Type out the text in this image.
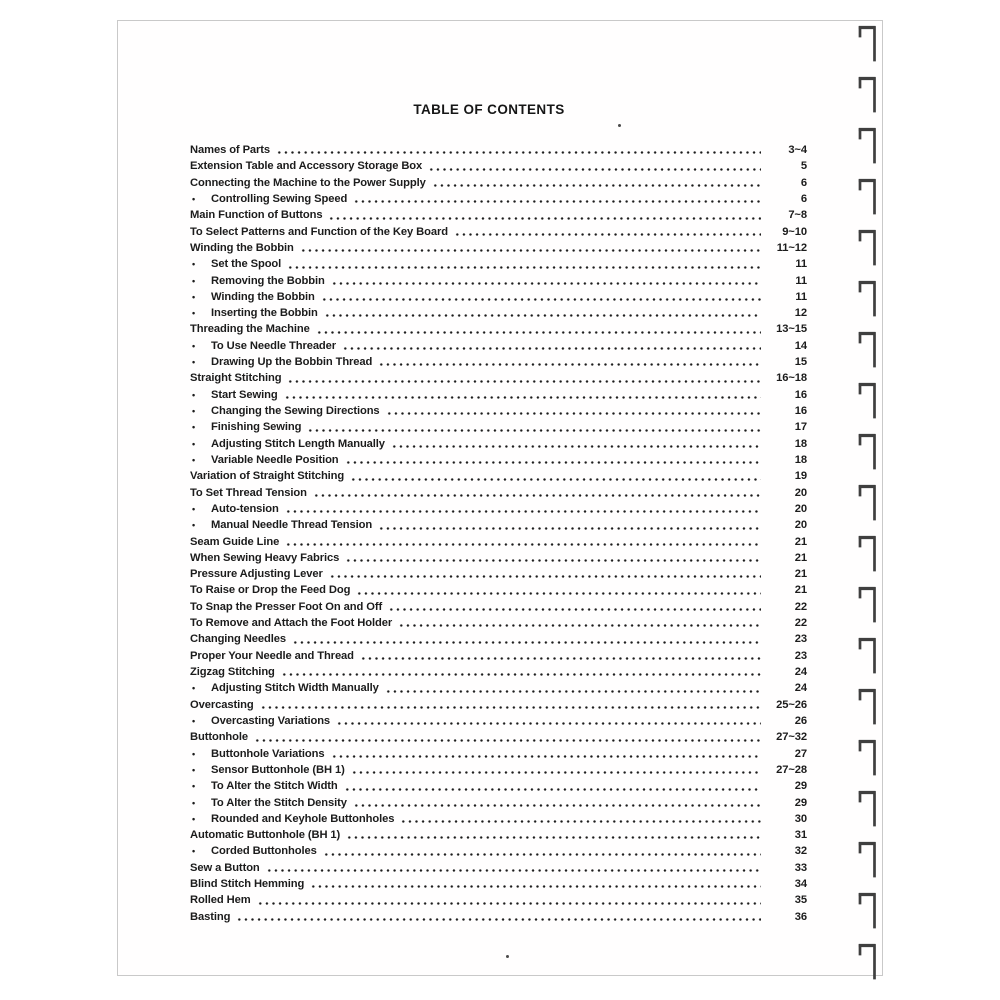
TABLE OF CONTENTS
Names of Parts	3~4
Extension Table and Accessory Storage Box	5
Connecting the Machine to the Power Supply	6
•	Controlling Sewing Speed	6
Main Function of Buttons	7~8
To Select Patterns and Function of the Key Board	9~10
Winding the Bobbin	11~12
•	Set the Spool	11
•	Removing the Bobbin	11
•	Winding the Bobbin	11
•	Inserting the Bobbin	12
Threading the Machine	13~15
•	To Use Needle Threader	14
•	Drawing Up the Bobbin Thread	15
Straight Stitching	16~18
•	Start Sewing	16
•	Changing the Sewing Directions	16
•	Finishing Sewing	17
•	Adjusting Stitch Length Manually	18
•	Variable Needle Position	18
Variation of Straight Stitching	19
To Set Thread Tension	20
•	Auto-tension	20
•	Manual Needle Thread Tension	20
Seam Guide Line	21
When Sewing Heavy Fabrics	21
Pressure Adjusting Lever	21
To Raise or Drop the Feed Dog	21
To Snap the Presser Foot On and Off	22
To Remove and Attach the Foot Holder	22
Changing Needles	23
Proper Your Needle and Thread	23
Zigzag Stitching	24
•	Adjusting Stitch Width Manually	24
Overcasting	25~26
•	Overcasting Variations	26
Buttonhole	27~32
•	Buttonhole Variations	27
•	Sensor Buttonhole (BH 1)	27~28
•	To Alter the Stitch Width	29
•	To Alter the Stitch Density	29
•	Rounded and Keyhole Buttonholes	30
Automatic Buttonhole (BH 1)	31
•	Corded Buttonholes	32
Sew a Button	33
Blind Stitch Hemming	34
Rolled Hem	35
Basting	36
